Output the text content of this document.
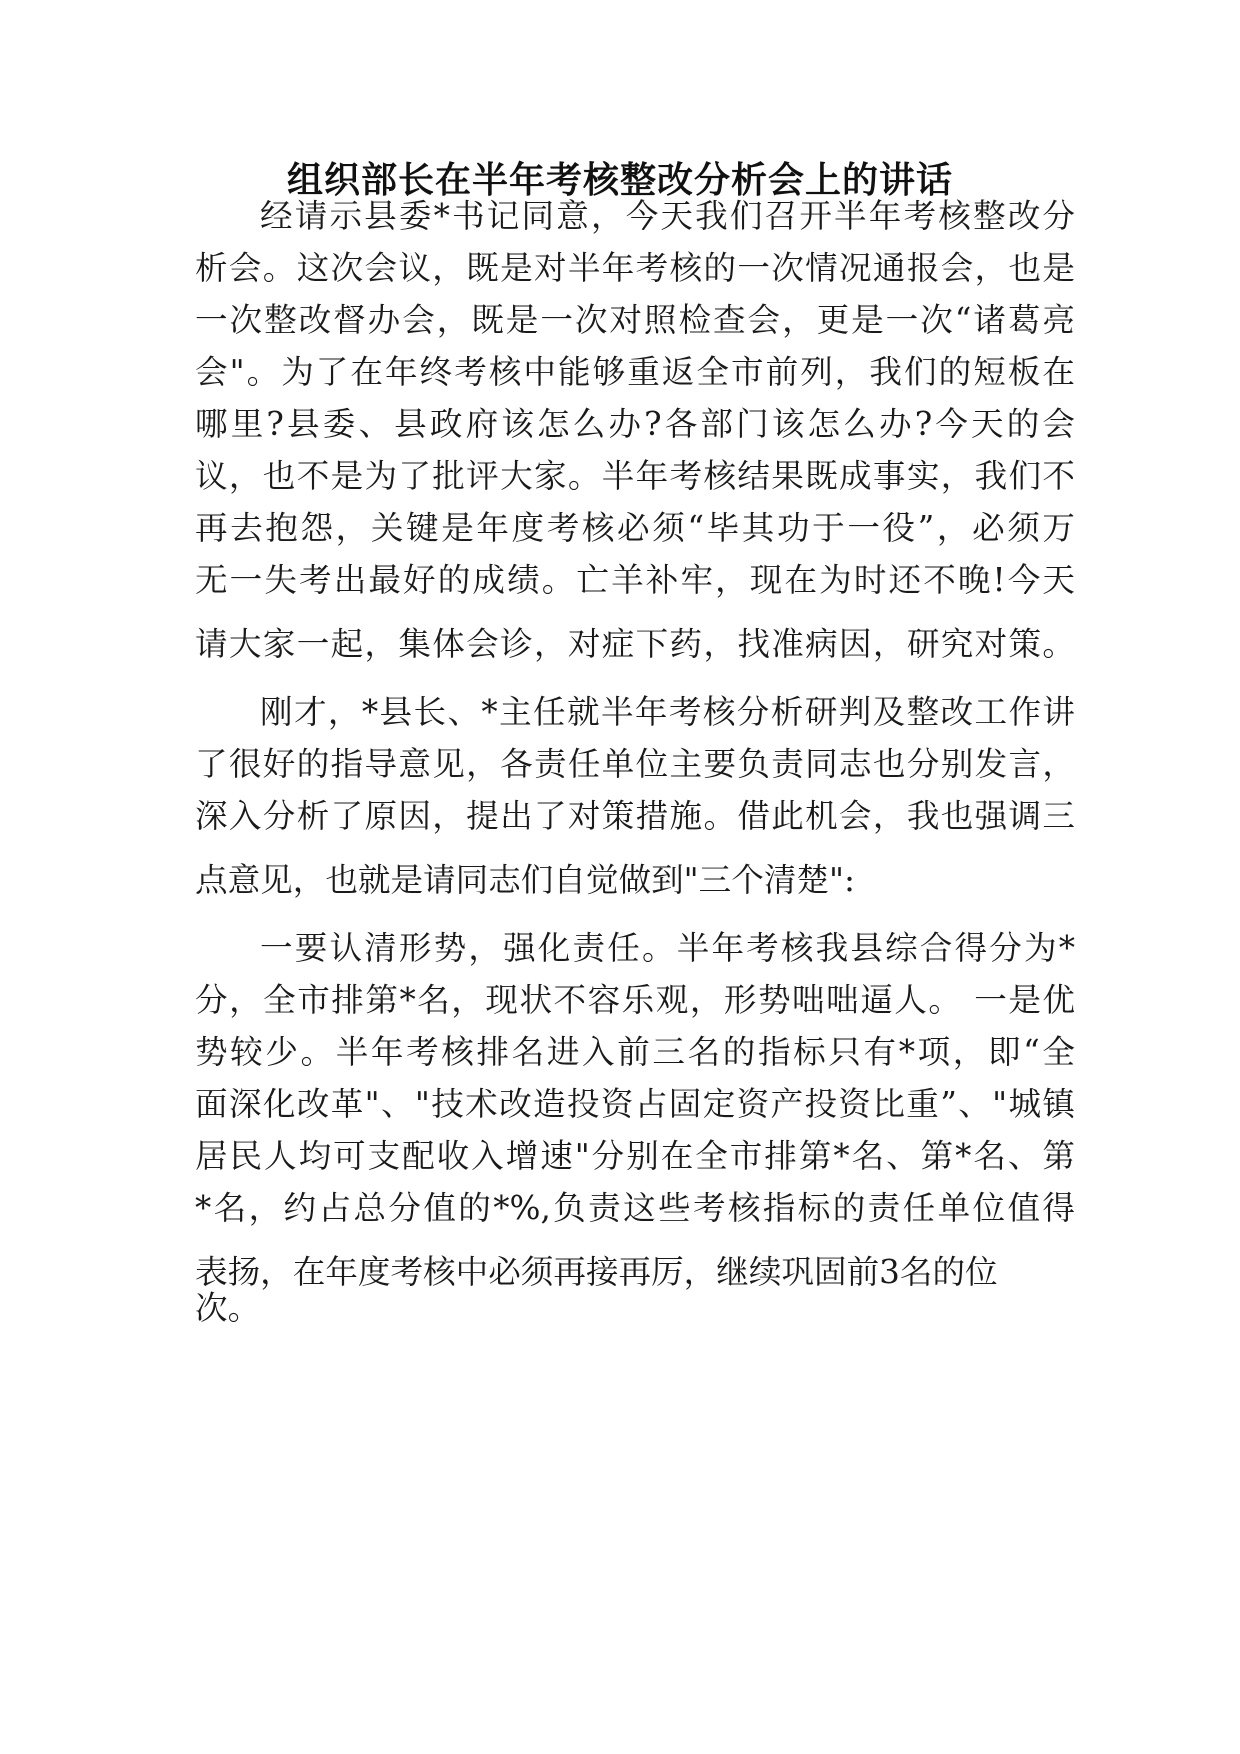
组织部长在半年考核整改分析会上的讲话
经请示县委*书记同意，今天我们召开半年考核整改分
析会。这次会议，既是对半年考核的一次情况通报会，也是
一次整改督办会，既是一次对照检查会，更是一次“诸葛亮
会"。为了在年终考核中能够重返全市前列，我们的短板在
哪里?县委、县政府该怎么办?各部门该怎么办?今天的会
议，也不是为了批评大家。半年考核结果既成事实，我们不
再去抱怨，关键是年度考核必须“毕其功于一役”，必须万
无一失考出最好的成绩。亡羊补牢，现在为时还不晚!今天
请大家一起，集体会诊，对症下药，找准病因，研究对策。
刚才，*县长、*主任就半年考核分析研判及整改工作讲
了很好的指导意见，各责任单位主要负责同志也分别发言，
深入分析了原因，提出了对策措施。借此机会，我也强调三
点意见，也就是请同志们自觉做到"三个清楚":
一要认清形势，强化责任。半年考核我县综合得分为*
分，全市排第*名，现状不容乐观，形势咄咄逼人。 一是优
势较少。半年考核排名进入前三名的指标只有*项，即“全
面深化改革"、"技术改造投资占固定资产投资比重”、"城镇
居民人均可支配收入增速"分别在全市排第*名、第*名、第
*名，约占总分值的*%,负责这些考核指标的责任单位值得
表扬，在年度考核中必须再接再厉，继续巩固前3名的位
次。
